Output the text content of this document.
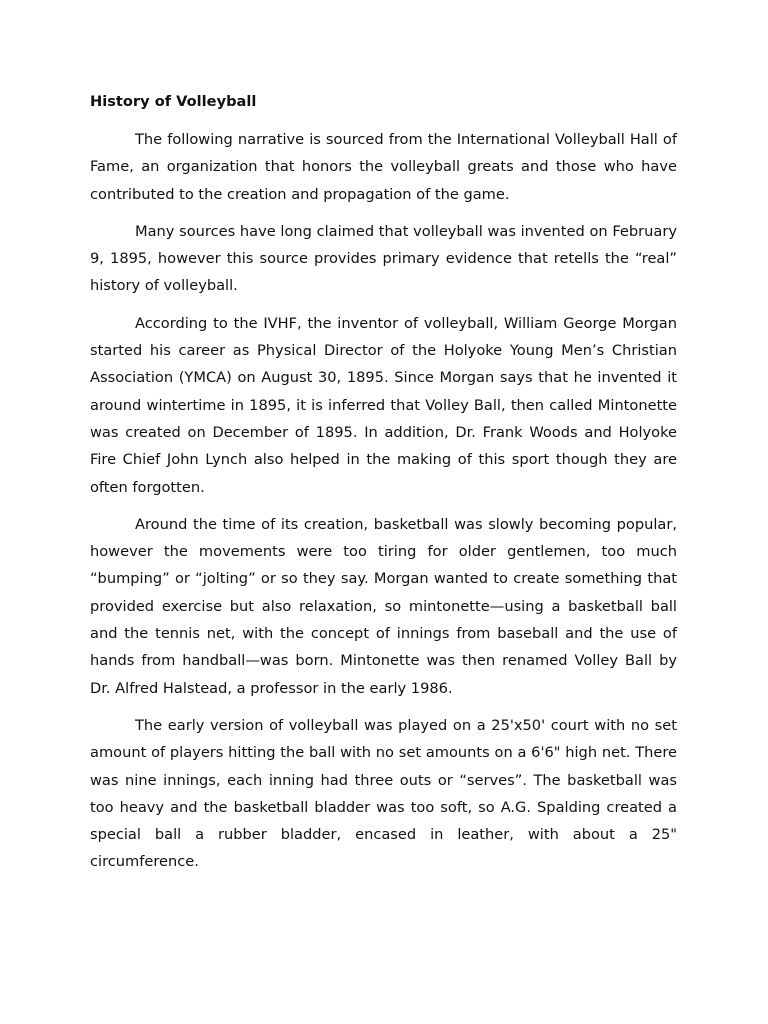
History of Volleyball

The following narrative is sourced from the International Volleyball Hall of Fame, an organization that honors the volleyball greats and those who have contributed to the creation and propagation of the game.

Many sources have long claimed that volleyball was invented on February 9, 1895, however this source provides primary evidence that retells the “real” history of volleyball.

According to the IVHF, the inventor of volleyball, William George Morgan started his career as Physical Director of the Holyoke Young Men’s Christian Association (YMCA) on August 30, 1895. Since Morgan says that he invented it around wintertime in 1895, it is inferred that Volley Ball, then called Mintonette was created on December of 1895. In addition, Dr. Frank Woods and Holyoke Fire Chief John Lynch also helped in the making of this sport though they are often forgotten.

Around the time of its creation, basketball was slowly becoming popular, however the movements were too tiring for older gentlemen, too much “bumping” or “jolting” or so they say. Morgan wanted to create something that provided exercise but also relaxation, so mintonette—using a basketball ball and the tennis net, with the concept of innings from baseball and the use of hands from handball—was born. Mintonette was then renamed Volley Ball by Dr. Alfred Halstead, a professor in the early 1986.

The early version of volleyball was played on a 25'x50' court with no set amount of players hitting the ball with no set amounts on a 6'6" high net. There was nine innings, each inning had three outs or “serves”. The basketball was too heavy and the basketball bladder was too soft, so A.G. Spalding created a special ball a rubber bladder, encased in leather, with about a 25" circumference.
